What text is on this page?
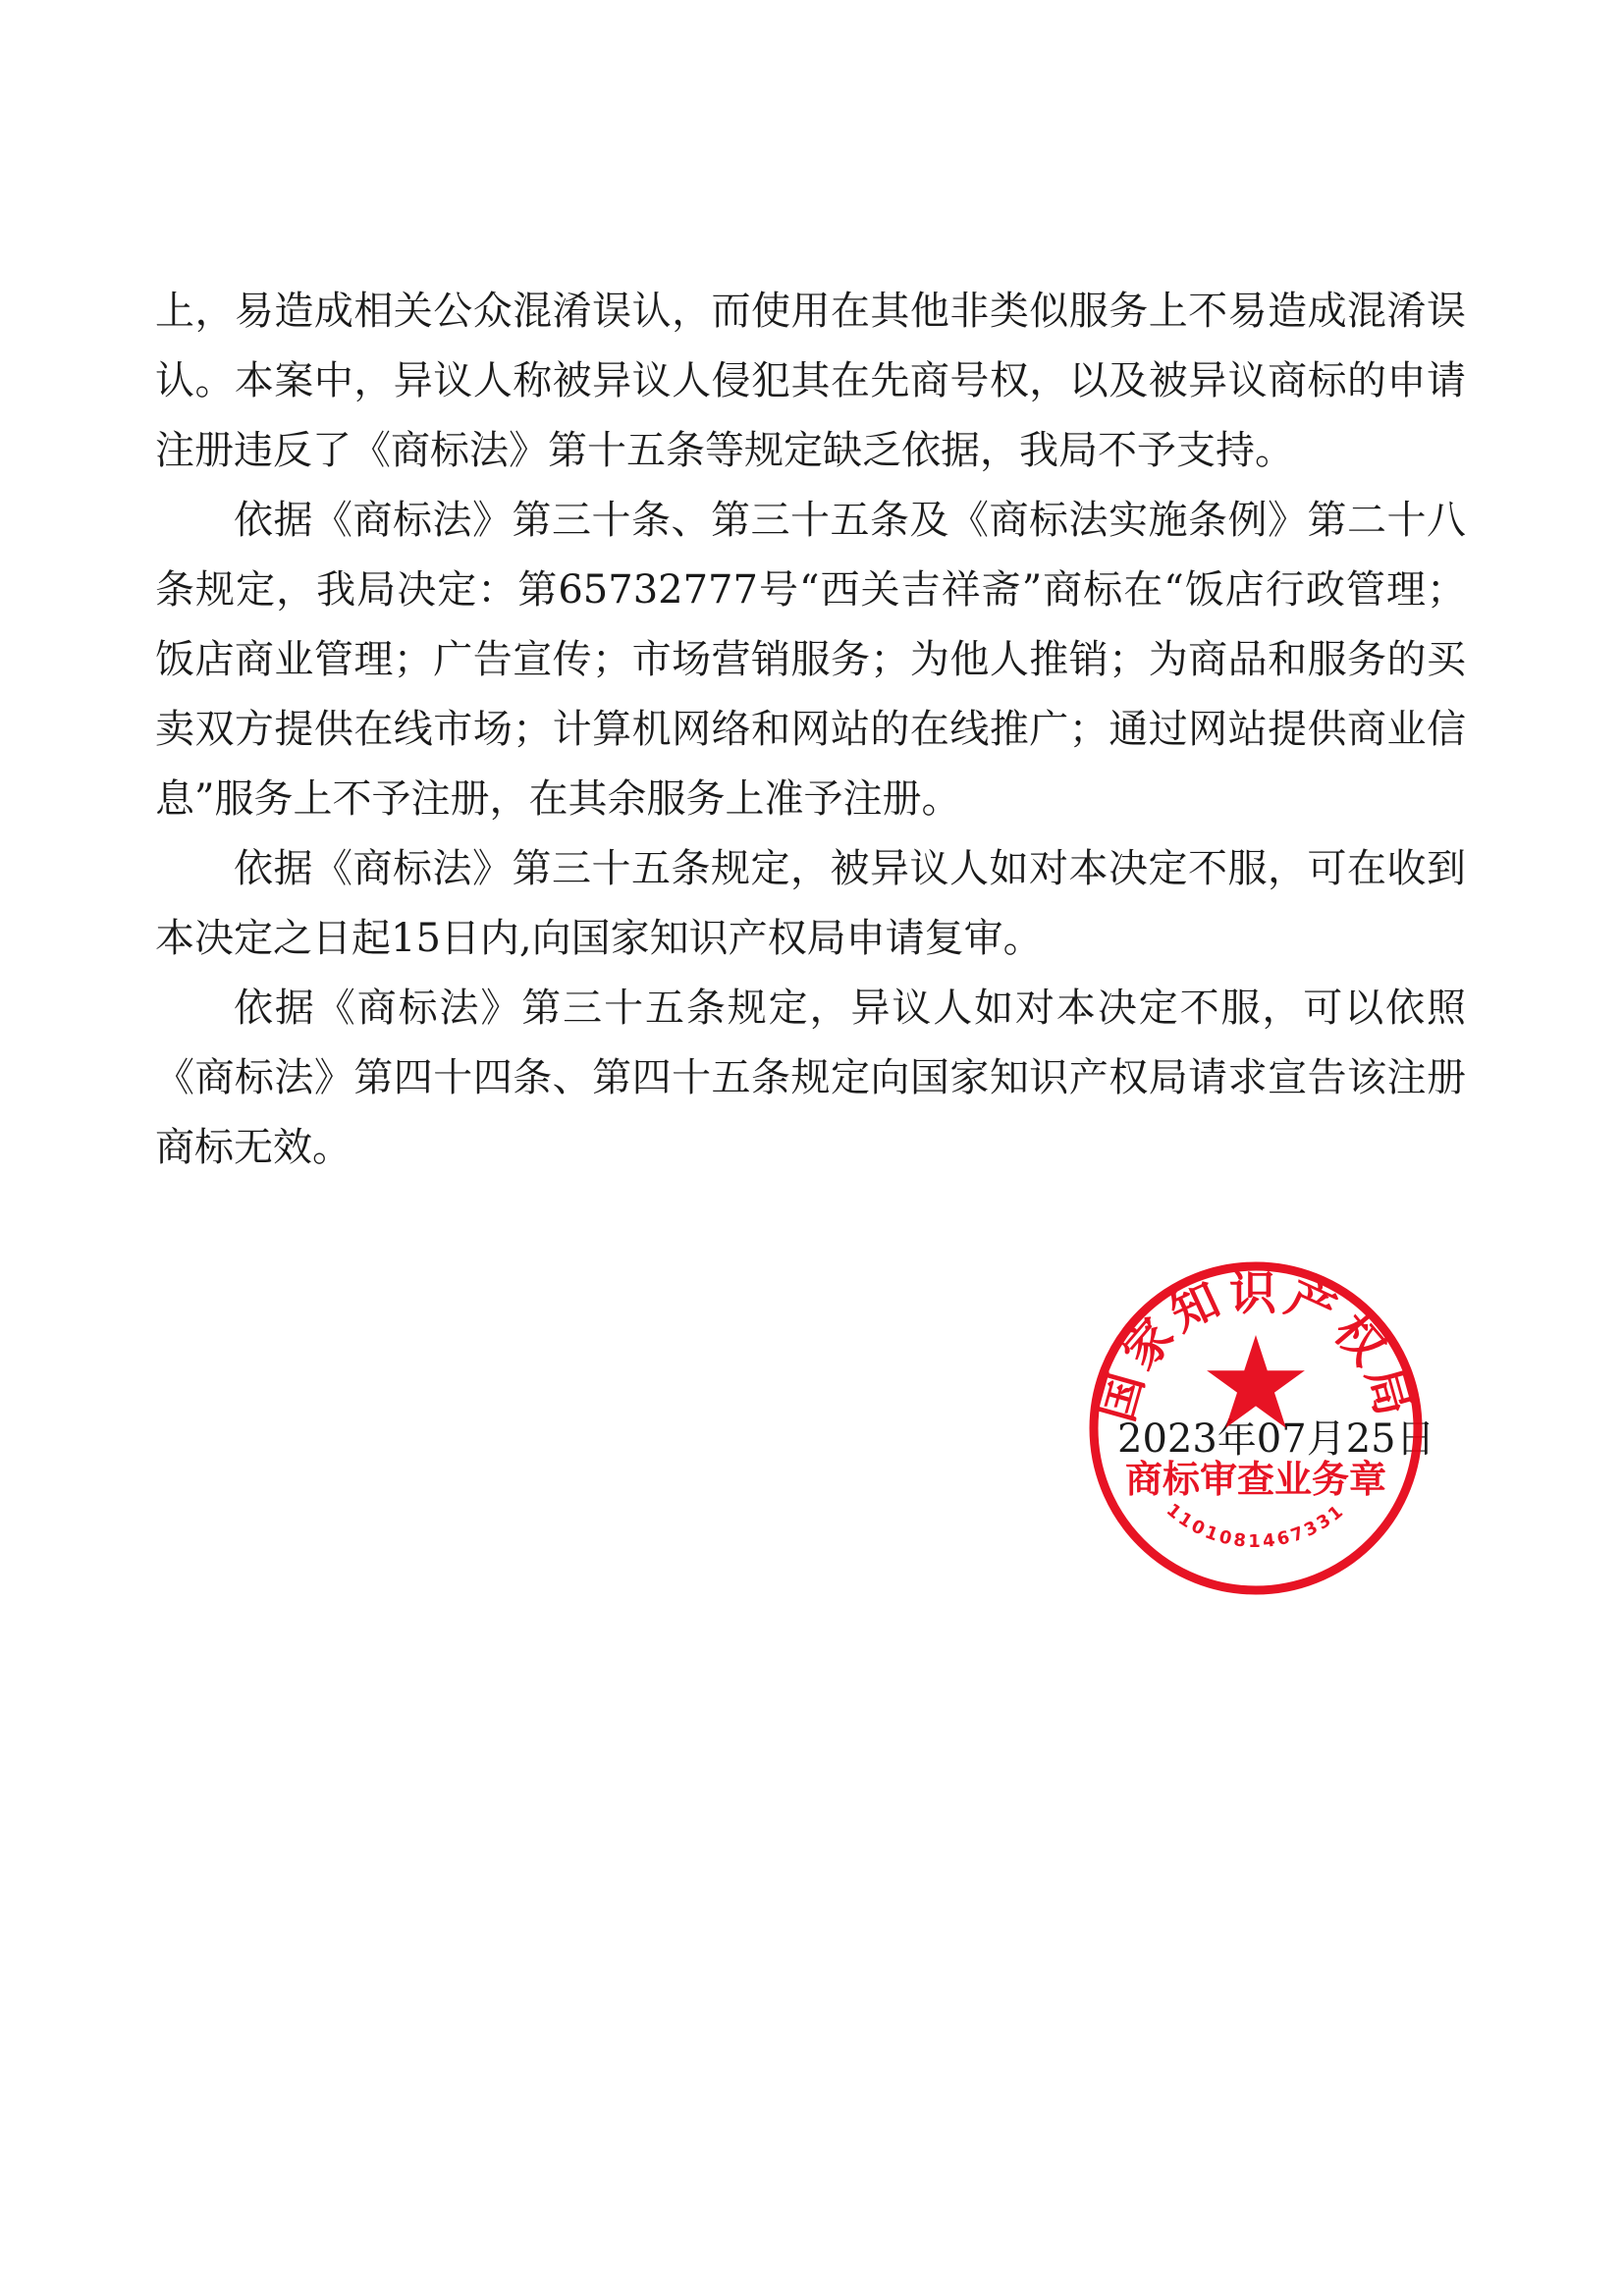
上，易造成相关公众混淆误认，而使用在其他非类似服务上不易造成混淆误认。本案中，异议人称被异议人侵犯其在先商号权，以及被异议商标的申请注册违反了《商标法》第十五条等规定缺乏依据，我局不予支持。

依据《商标法》第三十条、第三十五条及《商标法实施条例》第二十八条规定，我局决定：第65732777号“西关吉祥斋”商标在“饭店行政管理；饭店商业管理；广告宣传；市场营销服务；为他人推销；为商品和服务的买卖双方提供在线市场；计算机网络和网站的在线推广；通过网站提供商业信息”服务上不予注册，在其余服务上准予注册。

依据《商标法》第三十五条规定，被异议人如对本决定不服，可在收到本决定之日起15日内,向国家知识产权局申请复审。

依据《商标法》第三十五条规定，异议人如对本决定不服，可以依照《商标法》第四十四条、第四十五条规定向国家知识产权局请求宣告该注册商标无效。

2023年07月25日
国家知识产权局
商标审查业务章
1101081467331
